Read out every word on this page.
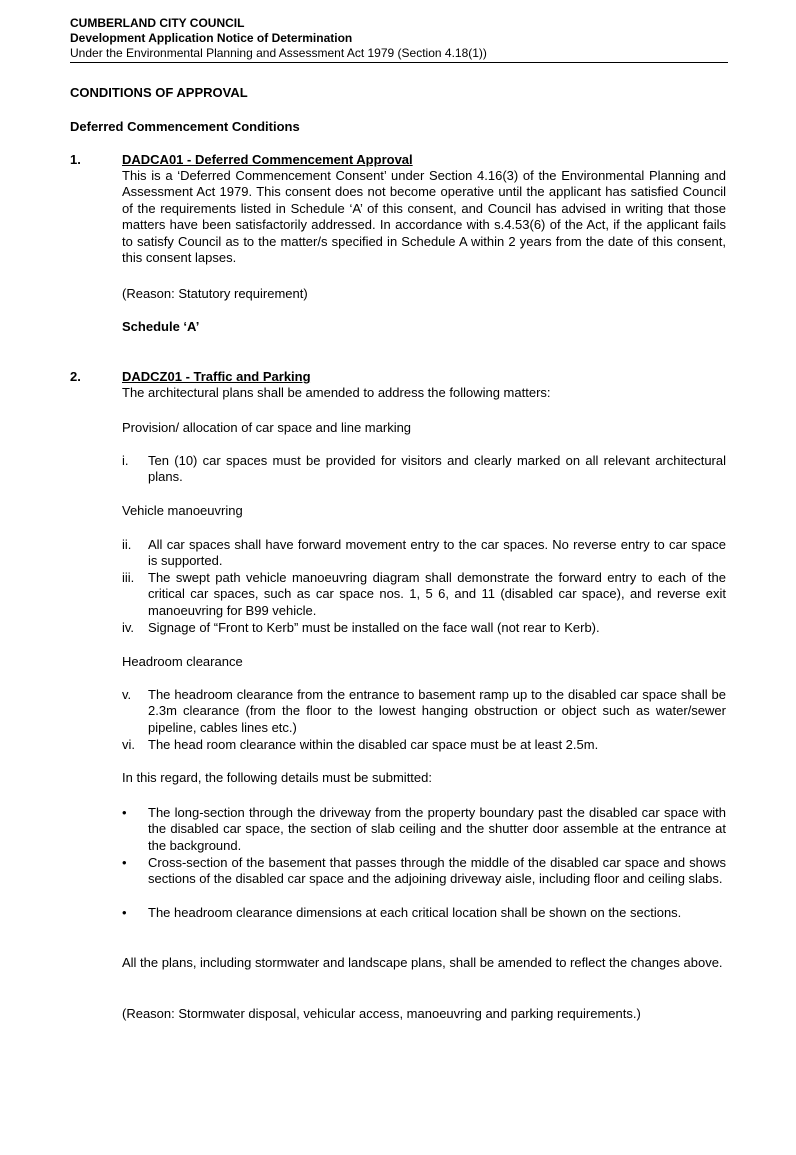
CUMBERLAND CITY COUNCIL
Development Application Notice of Determination
Under the Environmental Planning and Assessment Act 1979 (Section 4.18(1))
CONDITIONS OF APPROVAL
Deferred Commencement Conditions
1.	DADCA01 - Deferred Commencement Approval
This is a ‘Deferred Commencement Consent’ under Section 4.16(3) of the Environmental Planning and Assessment Act 1979. This consent does not become operative until the applicant has satisfied Council of the requirements listed in Schedule ‘A’ of this consent, and Council has advised in writing that those matters have been satisfactorily addressed. In accordance with s.4.53(6) of the Act, if the applicant fails to satisfy Council as to the matter/s specified in Schedule A within 2 years from the date of this consent, this consent lapses.
(Reason: Statutory requirement)
Schedule ‘A’
2.	DADCZ01 - Traffic and Parking
The architectural plans shall be amended to address the following matters:
Provision/ allocation of car space and line marking
i.	Ten (10) car spaces must be provided for visitors and clearly marked on all relevant architectural plans.
Vehicle manoeuvring
ii.	All car spaces shall have forward movement entry to the car spaces. No reverse entry to car space is supported.
iii.	The swept path vehicle manoeuvring diagram shall demonstrate the forward entry to each of the critical car spaces, such as car space nos. 1, 5 6, and 11 (disabled car space), and reverse exit manoeuvring for B99 vehicle.
iv.	Signage of “Front to Kerb” must be installed on the face wall (not rear to Kerb).
Headroom clearance
v.	The headroom clearance from the entrance to basement ramp up to the disabled car space shall be 2.3m clearance (from the floor to the lowest hanging obstruction or object such as water/sewer pipeline, cables lines etc.)
vi.	The head room clearance within the disabled car space must be at least 2.5m.
In this regard, the following details must be submitted:
•	The long-section through the driveway from the property boundary past the disabled car space with the disabled car space, the section of slab ceiling and the shutter door assemble at the entrance at the background.
•	Cross-section of the basement that passes through the middle of the disabled car space and shows sections of the disabled car space and the adjoining driveway aisle, including floor and ceiling slabs.
•	The headroom clearance dimensions at each critical location shall be shown on the sections.
All the plans, including stormwater and landscape plans, shall be amended to reflect the changes above.
(Reason: Stormwater disposal, vehicular access, manoeuvring and parking requirements.)
